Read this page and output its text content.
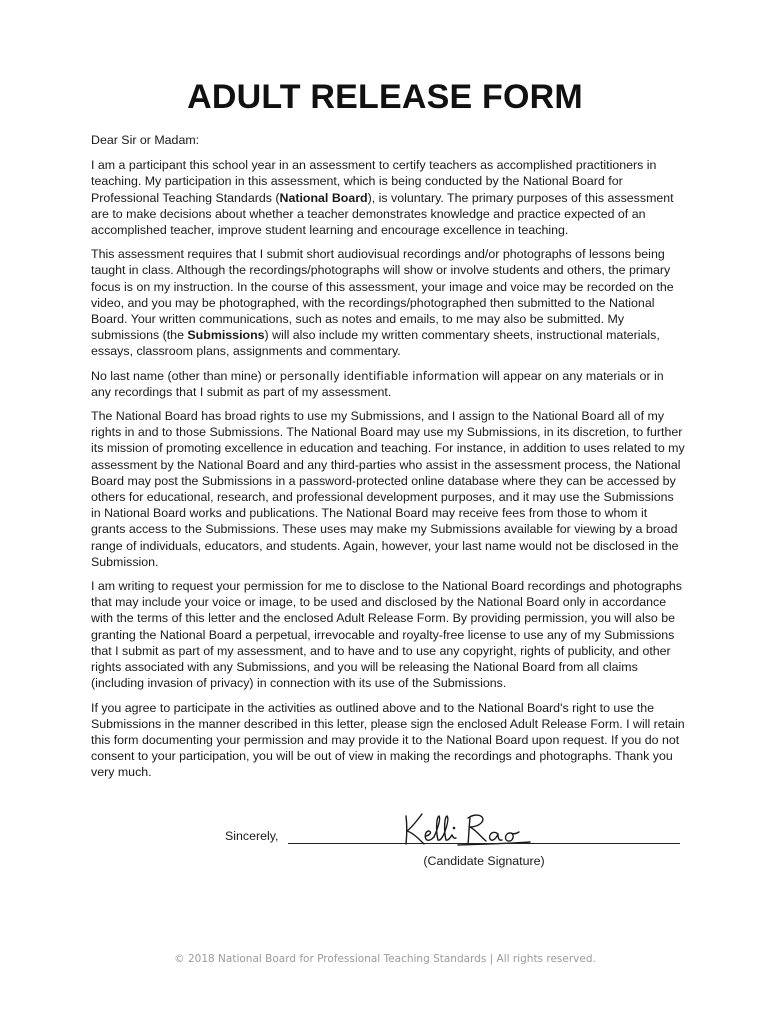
ADULT RELEASE FORM

Dear Sir or Madam:

I am a participant this school year in an assessment to certify teachers as accomplished practitioners in teaching. My participation in this assessment, which is being conducted by the National Board for Professional Teaching Standards (National Board), is voluntary. The primary purposes of this assessment are to make decisions about whether a teacher demonstrates knowledge and practice expected of an accomplished teacher, improve student learning and encourage excellence in teaching.

This assessment requires that I submit short audiovisual recordings and/or photographs of lessons being taught in class. Although the recordings/photographs will show or involve students and others, the primary focus is on my instruction. In the course of this assessment, your image and voice may be recorded on the video, and you may be photographed, with the recordings/photographed then submitted to the National Board. Your written communications, such as notes and emails, to me may also be submitted. My submissions (the Submissions) will also include my written commentary sheets, instructional materials, essays, classroom plans, assignments and commentary.

No last name (other than mine) or personally identifiable information will appear on any materials or in any recordings that I submit as part of my assessment.

The National Board has broad rights to use my Submissions, and I assign to the National Board all of my rights in and to those Submissions. The National Board may use my Submissions, in its discretion, to further its mission of promoting excellence in education and teaching. For instance, in addition to uses related to my assessment by the National Board and any third-parties who assist in the assessment process, the National Board may post the Submissions in a password-protected online database where they can be accessed by others for educational, research, and professional development purposes, and it may use the Submissions in National Board works and publications. The National Board may receive fees from those to whom it grants access to the Submissions. These uses may make my Submissions available for viewing by a broad range of individuals, educators, and students. Again, however, your last name would not be disclosed in the Submission.

I am writing to request your permission for me to disclose to the National Board recordings and photographs that may include your voice or image, to be used and disclosed by the National Board only in accordance with the terms of this letter and the enclosed Adult Release Form. By providing permission, you will also be granting the National Board a perpetual, irrevocable and royalty-free license to use any of my Submissions that I submit as part of my assessment, and to have and to use any copyright, rights of publicity, and other rights associated with any Submissions, and you will be releasing the National Board from all claims (including invasion of privacy) in connection with its use of the Submissions.

If you agree to participate in the activities as outlined above and to the National Board's right to use the Submissions in the manner described in this letter, please sign the enclosed Adult Release Form. I will retain this form documenting your permission and may provide it to the National Board upon request. If you do not consent to your participation, you will be out of view in making the recordings and photographs. Thank you very much.

Sincerely,
(Candidate Signature)
© 2018 National Board for Professional Teaching Standards | All rights reserved.
